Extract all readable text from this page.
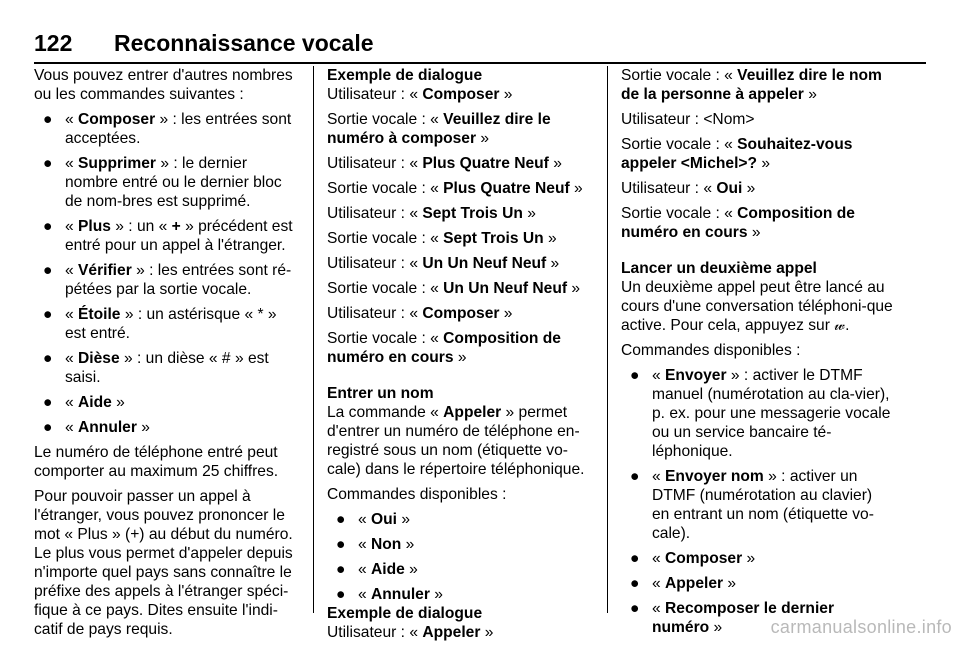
122 Reconnaissance vocale

Vous pouvez entrer d'autres nombres ou les commandes suivantes :

● « Composer » : les entrées sont acceptées.
● « Supprimer » : le dernier nombre entré ou le dernier bloc de nom-bres est supprimé.
● « Plus » : un « + » précédent est entré pour un appel à l'étranger.
● « Vérifier » : les entrées sont ré-pétées par la sortie vocale.
● « Étoile » : un astérisque « * » est entré.
● « Dièse » : un dièse « # » est saisi.
● « Aide »
● « Annuler »

Le numéro de téléphone entré peut comporter au maximum 25 chiffres.

Pour pouvoir passer un appel à l'étranger, vous pouvez prononcer le mot « Plus » (+) au début du numéro. Le plus vous permet d'appeler depuis n'importe quel pays sans connaître le préfixe des appels à l'étranger spéci-fique à ce pays. Dites ensuite l'indi-catif de pays requis.

Exemple de dialogue

Utilisateur : « Composer »

Sortie vocale : « Veuillez dire le numéro à composer »

Utilisateur : « Plus Quatre Neuf »

Sortie vocale : « Plus Quatre Neuf »

Utilisateur : « Sept Trois Un »

Sortie vocale : « Sept Trois Un »

Utilisateur : « Un Un Neuf Neuf »

Sortie vocale : « Un Un Neuf Neuf »

Utilisateur : « Composer »

Sortie vocale : « Composition de numéro en cours »

Entrer un nom

La commande « Appeler » permet d'entrer un numéro de téléphone en-registré sous un nom (étiquette vo-cale) dans le répertoire téléphonique.

Commandes disponibles :

● « Oui »
● « Non »
● « Aide »
● « Annuler »

Exemple de dialogue

Utilisateur : « Appeler »

Sortie vocale : « Veuillez dire le nom de la personne à appeler »

Utilisateur : <Nom>

Sortie vocale : « Souhaitez-vous appeler <Michel>? »

Utilisateur : « Oui »

Sortie vocale : « Composition de numéro en cours »

Lancer un deuxième appel

Un deuxième appel peut être lancé au cours d'une conversation téléphoni-que active. Pour cela, appuyez sur 𝓌.

Commandes disponibles :

● « Envoyer » : activer le DTMF manuel (numérotation au cla-vier), p. ex. pour une messagerie vocale ou un service bancaire té-léphonique.
● « Envoyer nom » : activer un DTMF (numérotation au clavier) en entrant un nom (étiquette vo-cale).
● « Composer »
● « Appeler »
● « Recomposer le dernier numéro »	carmanualsonline.info
